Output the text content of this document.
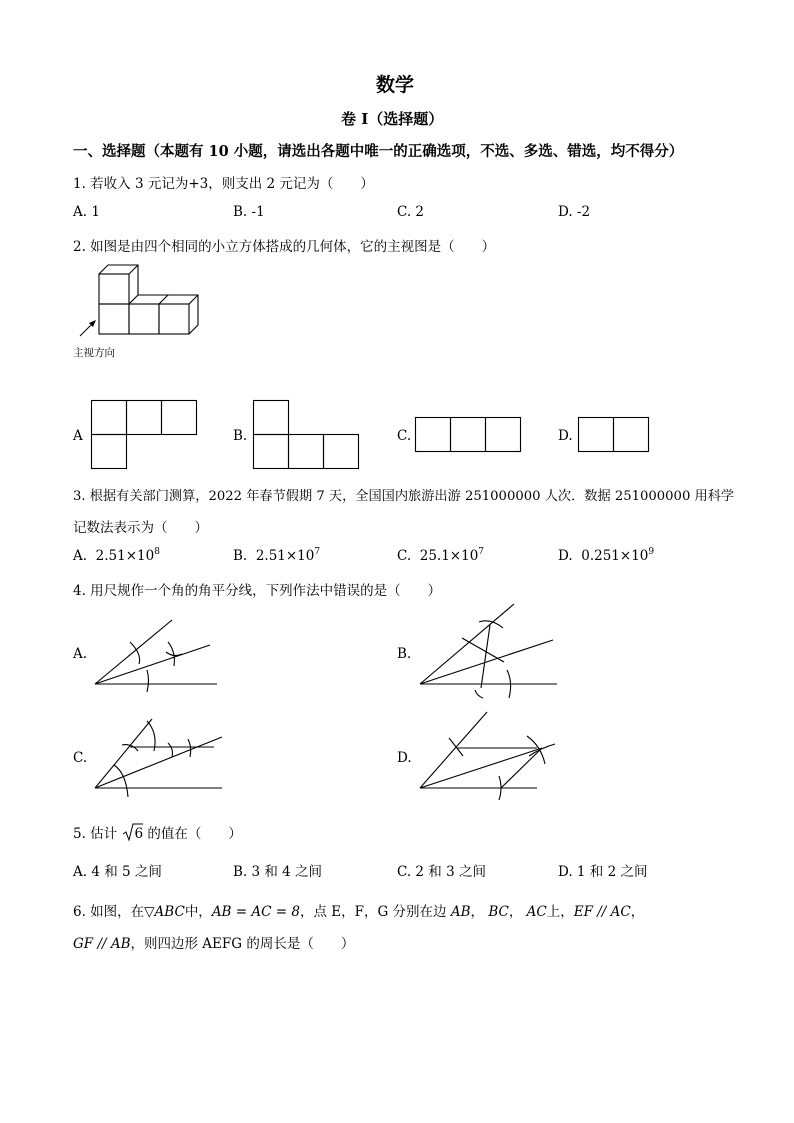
数学
卷 I（选择题）
一、选择题（本题有 10 小题，请选出各题中唯一的正确选项，不选、多选、错选，均不得分）
1. 若收入 3 元记为+3，则支出 2 元记为（　　）
A. 1	B. -1	C. 2	D. -2
2. 如图是由四个相同的小立方体搭成的几何体，它的主视图是（　　）
主视方向
A	B.	C.	D.
3. 根据有关部门测算，2022 年春节假期 7 天，全国国内旅游出游 251000000 人次．数据 251000000 用科学
记数法表示为（　　）
A. $2.51\times 10^8$	B. $2.51\times 10^7$	C. $25.1\times 10^7$	D. $0.251\times 10^9$
4. 用尺规作一个角的角平分线，下列作法中错误的是（　　）
A.	B.
C.	D.
5. 估计 6 的值在（　　）
A. 4 和 5 之间	B. 3 和 4 之间	C. 2 和 3 之间	D. 1 和 2 之间
6. 如图，在▽ABC中，AB = AC = 8，点 E，F，G 分别在边 AB， BC， AC上，EF // AC，
GF // AB，则四边形 AEFG 的周长是（　　）
